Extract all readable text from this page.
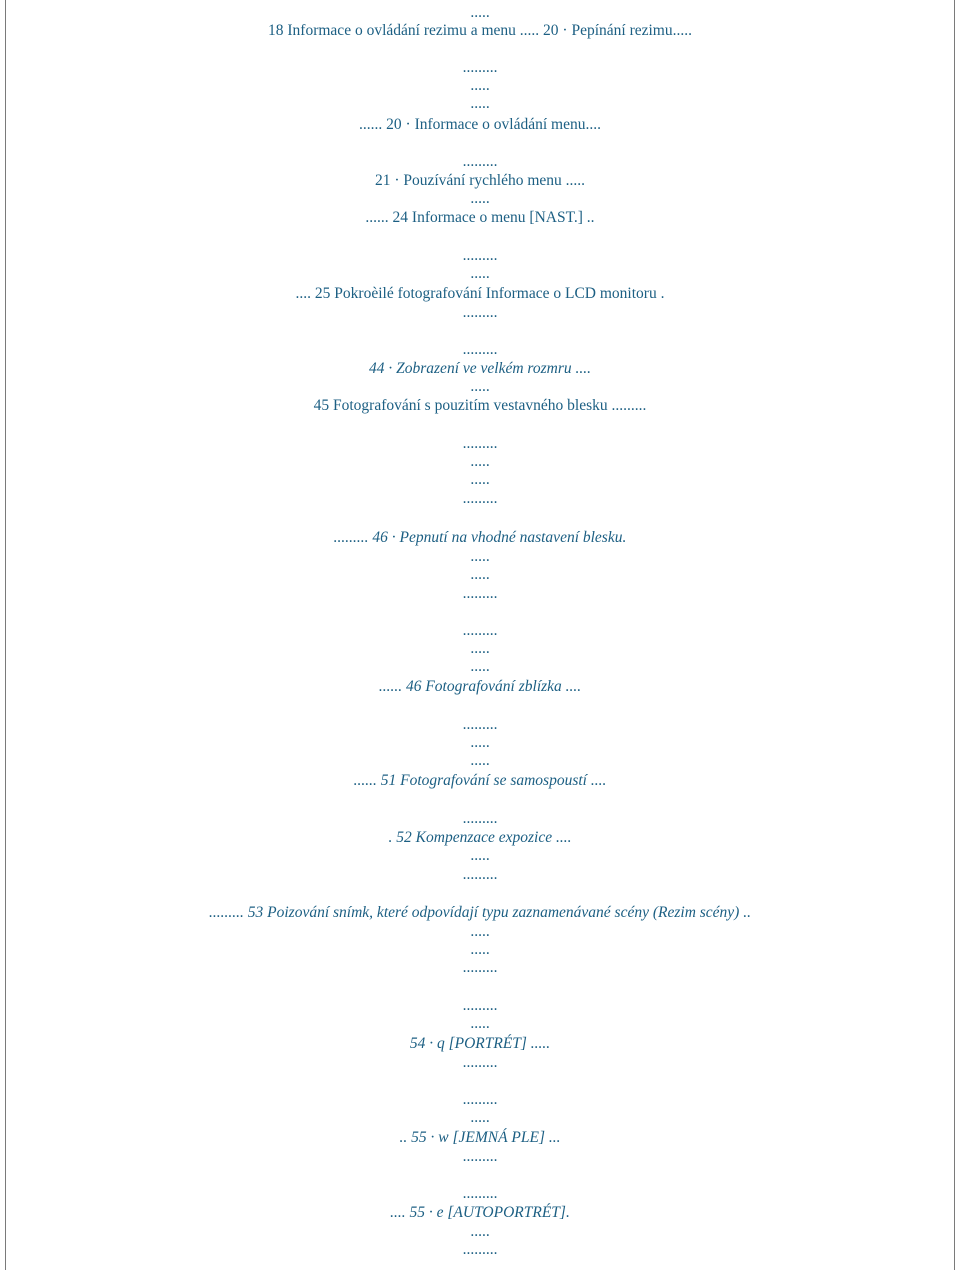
.....
18 Informace o ovládání rezimu a menu ..... 20 · Pepínání rezimu.....
.........
.....
.....
...... 20 · Informace o ovládání menu....
.........
21 · Pouzívání rychlého menu .....
.....
...... 24 Informace o menu [NAST.] ..
.........
.....
.... 25 Pokroèilé fotografování Informace o LCD monitoru .
.........
.........
44 · Zobrazení ve velkém rozmru ....
.....
45 Fotografování s pouzitím vestavného blesku .........
.........
.....
.....
.........
......... 46 · Pepnutí na vhodné nastavení blesku.
.....
.....
.........
.........
.....
.....
...... 46 Fotografování zblízka ....
.........
.....
.....
...... 51 Fotografování se samospoustí ....
.........
. 52 Kompenzace expozice ....
.....
.........
......... 53 Poizování snímk, které odpovídají typu zaznamenávané scény (Rezim scény) ..
.....
.....
.........
.........
.....
54 · q [PORTRÉT] .....
.........
.........
.....
.. 55 · w [JEMNÁ PLE] ...
.........
.........
.... 55 · e [AUTOPORTRÉT].
.....
.........
